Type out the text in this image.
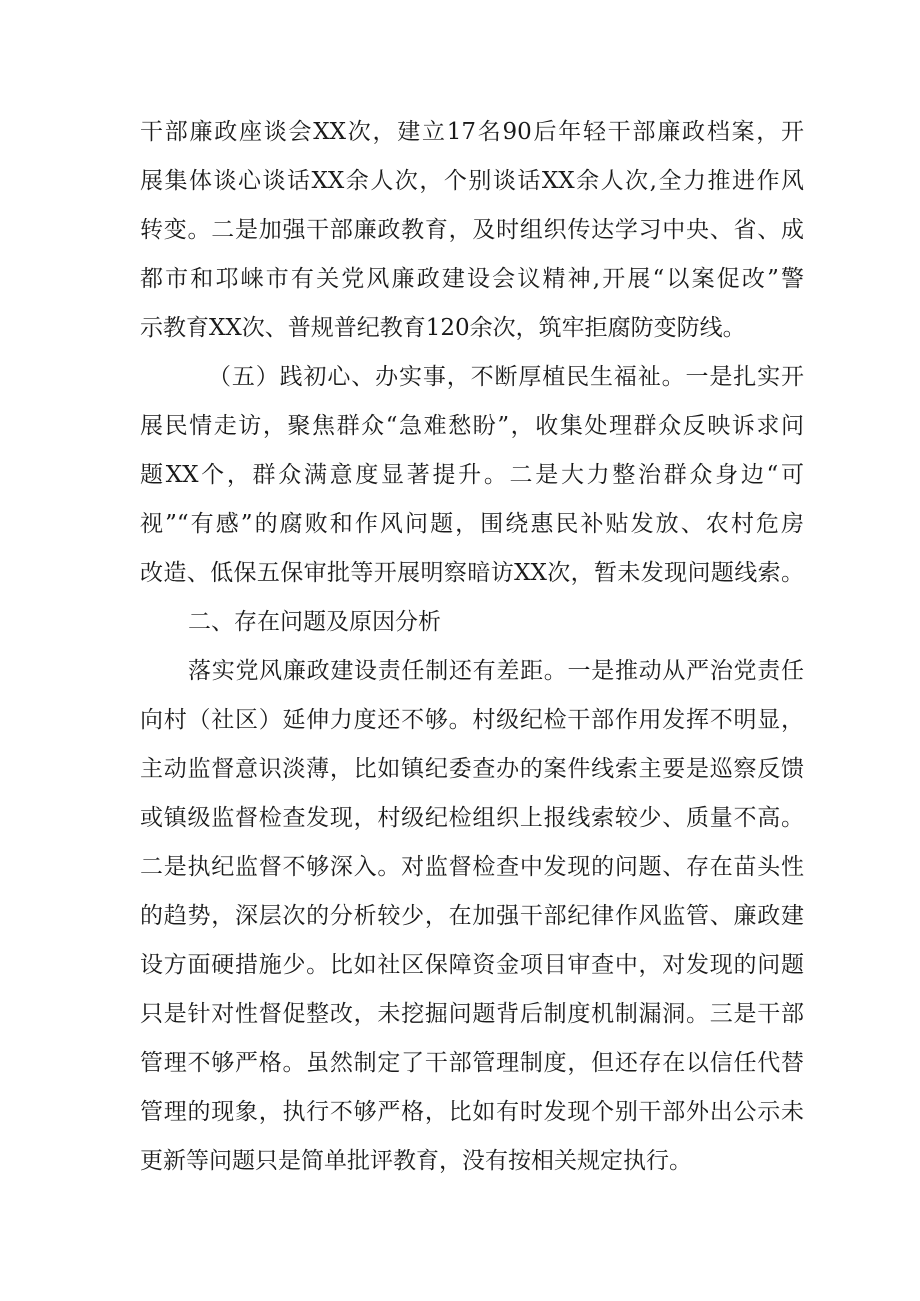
干部廉政座谈会XX次，建立17名90后年轻干部廉政档案，开
展集体谈心谈话XX余人次，个别谈话XX余人次,全力推进作风
转变。二是加强干部廉政教育，及时组织传达学习中央、省、成
都市和邛崃市有关党风廉政建设会议精神,开展“以案促改”警
示教育XX次、普规普纪教育120余次，筑牢拒腐防变防线。
（五）践初心、办实事，不断厚植民生福祉。一是扎实开
展民情走访，聚焦群众“急难愁盼”，收集处理群众反映诉求问
题XX个，群众满意度显著提升。二是大力整治群众身边“可
视”“有感”的腐败和作风问题，围绕惠民补贴发放、农村危房
改造、低保五保审批等开展明察暗访XX次，暂未发现问题线索。
二、存在问题及原因分析
落实党风廉政建设责任制还有差距。一是推动从严治党责任
向村（社区）延伸力度还不够。村级纪检干部作用发挥不明显，
主动监督意识淡薄，比如镇纪委查办的案件线索主要是巡察反馈
或镇级监督检查发现，村级纪检组织上报线索较少、质量不高。
二是执纪监督不够深入。对监督检查中发现的问题、存在苗头性
的趋势，深层次的分析较少，在加强干部纪律作风监管、廉政建
设方面硬措施少。比如社区保障资金项目审查中，对发现的问题
只是针对性督促整改，未挖掘问题背后制度机制漏洞。三是干部
管理不够严格。虽然制定了干部管理制度，但还存在以信任代替
管理的现象，执行不够严格，比如有时发现个别干部外出公示未
更新等问题只是简单批评教育，没有按相关规定执行。
